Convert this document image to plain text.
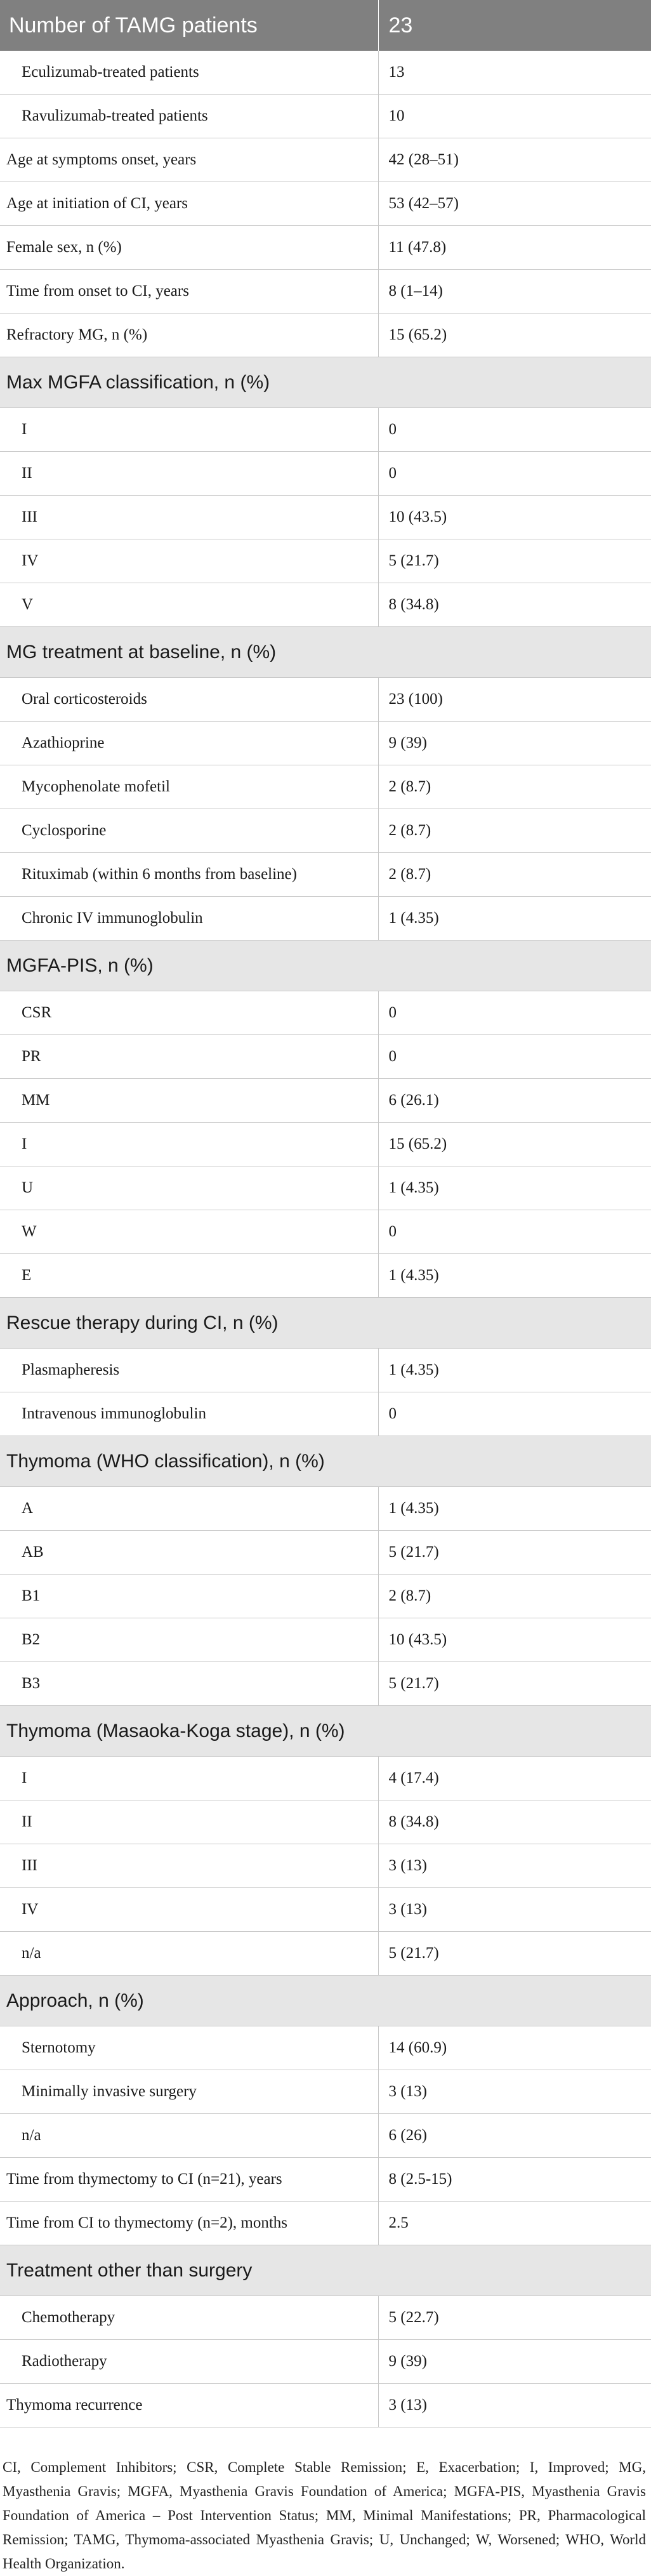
Number of TAMG patients	23
Eculizumab-treated patients	13
Ravulizumab-treated patients	10
Age at symptoms onset, years	42 (28–51)
Age at initiation of CI, years	53 (42–57)
Female sex, n (%)	11 (47.8)
Time from onset to CI, years	8 (1–14)
Refractory MG, n (%)	15 (65.2)
Max MGFA classification, n (%)	
I	0
II	0
III	10 (43.5)
IV	5 (21.7)
V	8 (34.8)
MG treatment at baseline, n (%)	
Oral corticosteroids	23 (100)
Azathioprine	9 (39)
Mycophenolate mofetil	2 (8.7)
Cyclosporine	2 (8.7)
Rituximab (within 6 months from baseline)	2 (8.7)
Chronic IV immunoglobulin	1 (4.35)
MGFA-PIS, n (%)	
CSR	0
PR	0
MM	6 (26.1)
I	15 (65.2)
U	1 (4.35)
W	0
E	1 (4.35)
Rescue therapy during CI, n (%)	
Plasmapheresis	1 (4.35)
Intravenous immunoglobulin	0
Thymoma (WHO classification), n (%)	
A	1 (4.35)
AB	5 (21.7)
B1	2 (8.7)
B2	10 (43.5)
B3	5 (21.7)
Thymoma (Masaoka-Koga stage), n (%)	
I	4 (17.4)
II	8 (34.8)
III	3 (13)
IV	3 (13)
n/a	5 (21.7)
Approach, n (%)	
Sternotomy	14 (60.9)
Minimally invasive surgery	3 (13)
n/a	6 (26)
Time from thymectomy to CI (n=21), years	8 (2.5-15)
Time from CI to thymectomy (n=2), months	2.5
Treatment other than surgery	
Chemotherapy	5 (22.7)
Radiotherapy	9 (39)
Thymoma recurrence	3 (13)
CI, Complement Inhibitors; CSR, Complete Stable Remission; E, Exacerbation; I, Improved; MG, Myasthenia Gravis; MGFA, Myasthenia Gravis Foundation of America; MGFA-PIS, Myasthenia Gravis Foundation of America – Post Intervention Status; MM, Minimal Manifestations; PR, Pharmacological Remission; TAMG, Thymoma-associated Myasthenia Gravis; U, Unchanged; W, Worsened; WHO, World Health Organization.
